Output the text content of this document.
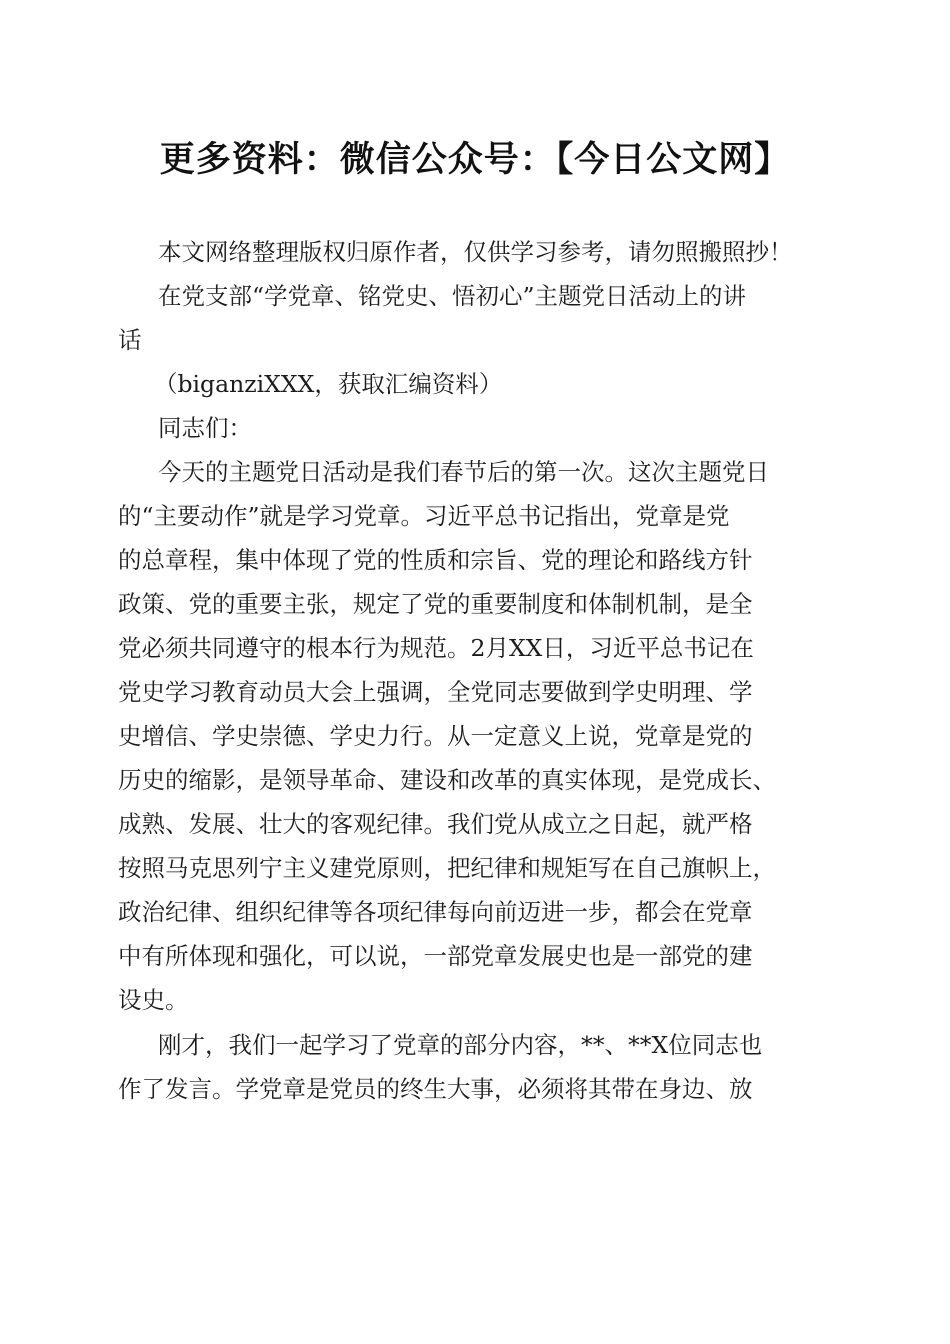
更多资料：微信公众号：【今日公文网】
本文网络整理版权归原作者，仅供学习参考，请勿照搬照抄！
在党支部“学党章、铭党史、悟初心”主题党日活动上的讲
话
（biganziXXX，获取汇编资料）
同志们：
今天的主题党日活动是我们春节后的第一次。这次主题党日
的“主要动作”就是学习党章。习近平总书记指出，党章是党
的总章程，集中体现了党的性质和宗旨、党的理论和路线方针
政策、党的重要主张，规定了党的重要制度和体制机制，是全
党必须共同遵守的根本行为规范。2月XX日，习近平总书记在
党史学习教育动员大会上强调，全党同志要做到学史明理、学
史增信、学史崇德、学史力行。从一定意义上说，党章是党的
历史的缩影，是领导革命、建设和改革的真实体现，是党成长、
成熟、发展、壮大的客观纪律。我们党从成立之日起，就严格
按照马克思列宁主义建党原则，把纪律和规矩写在自己旗帜上，
政治纪律、组织纪律等各项纪律每向前迈进一步，都会在党章
中有所体现和强化，可以说，一部党章发展史也是一部党的建
设史。
刚才，我们一起学习了党章的部分内容，**、**X位同志也
作了发言。学党章是党员的终生大事，必须将其带在身边、放
